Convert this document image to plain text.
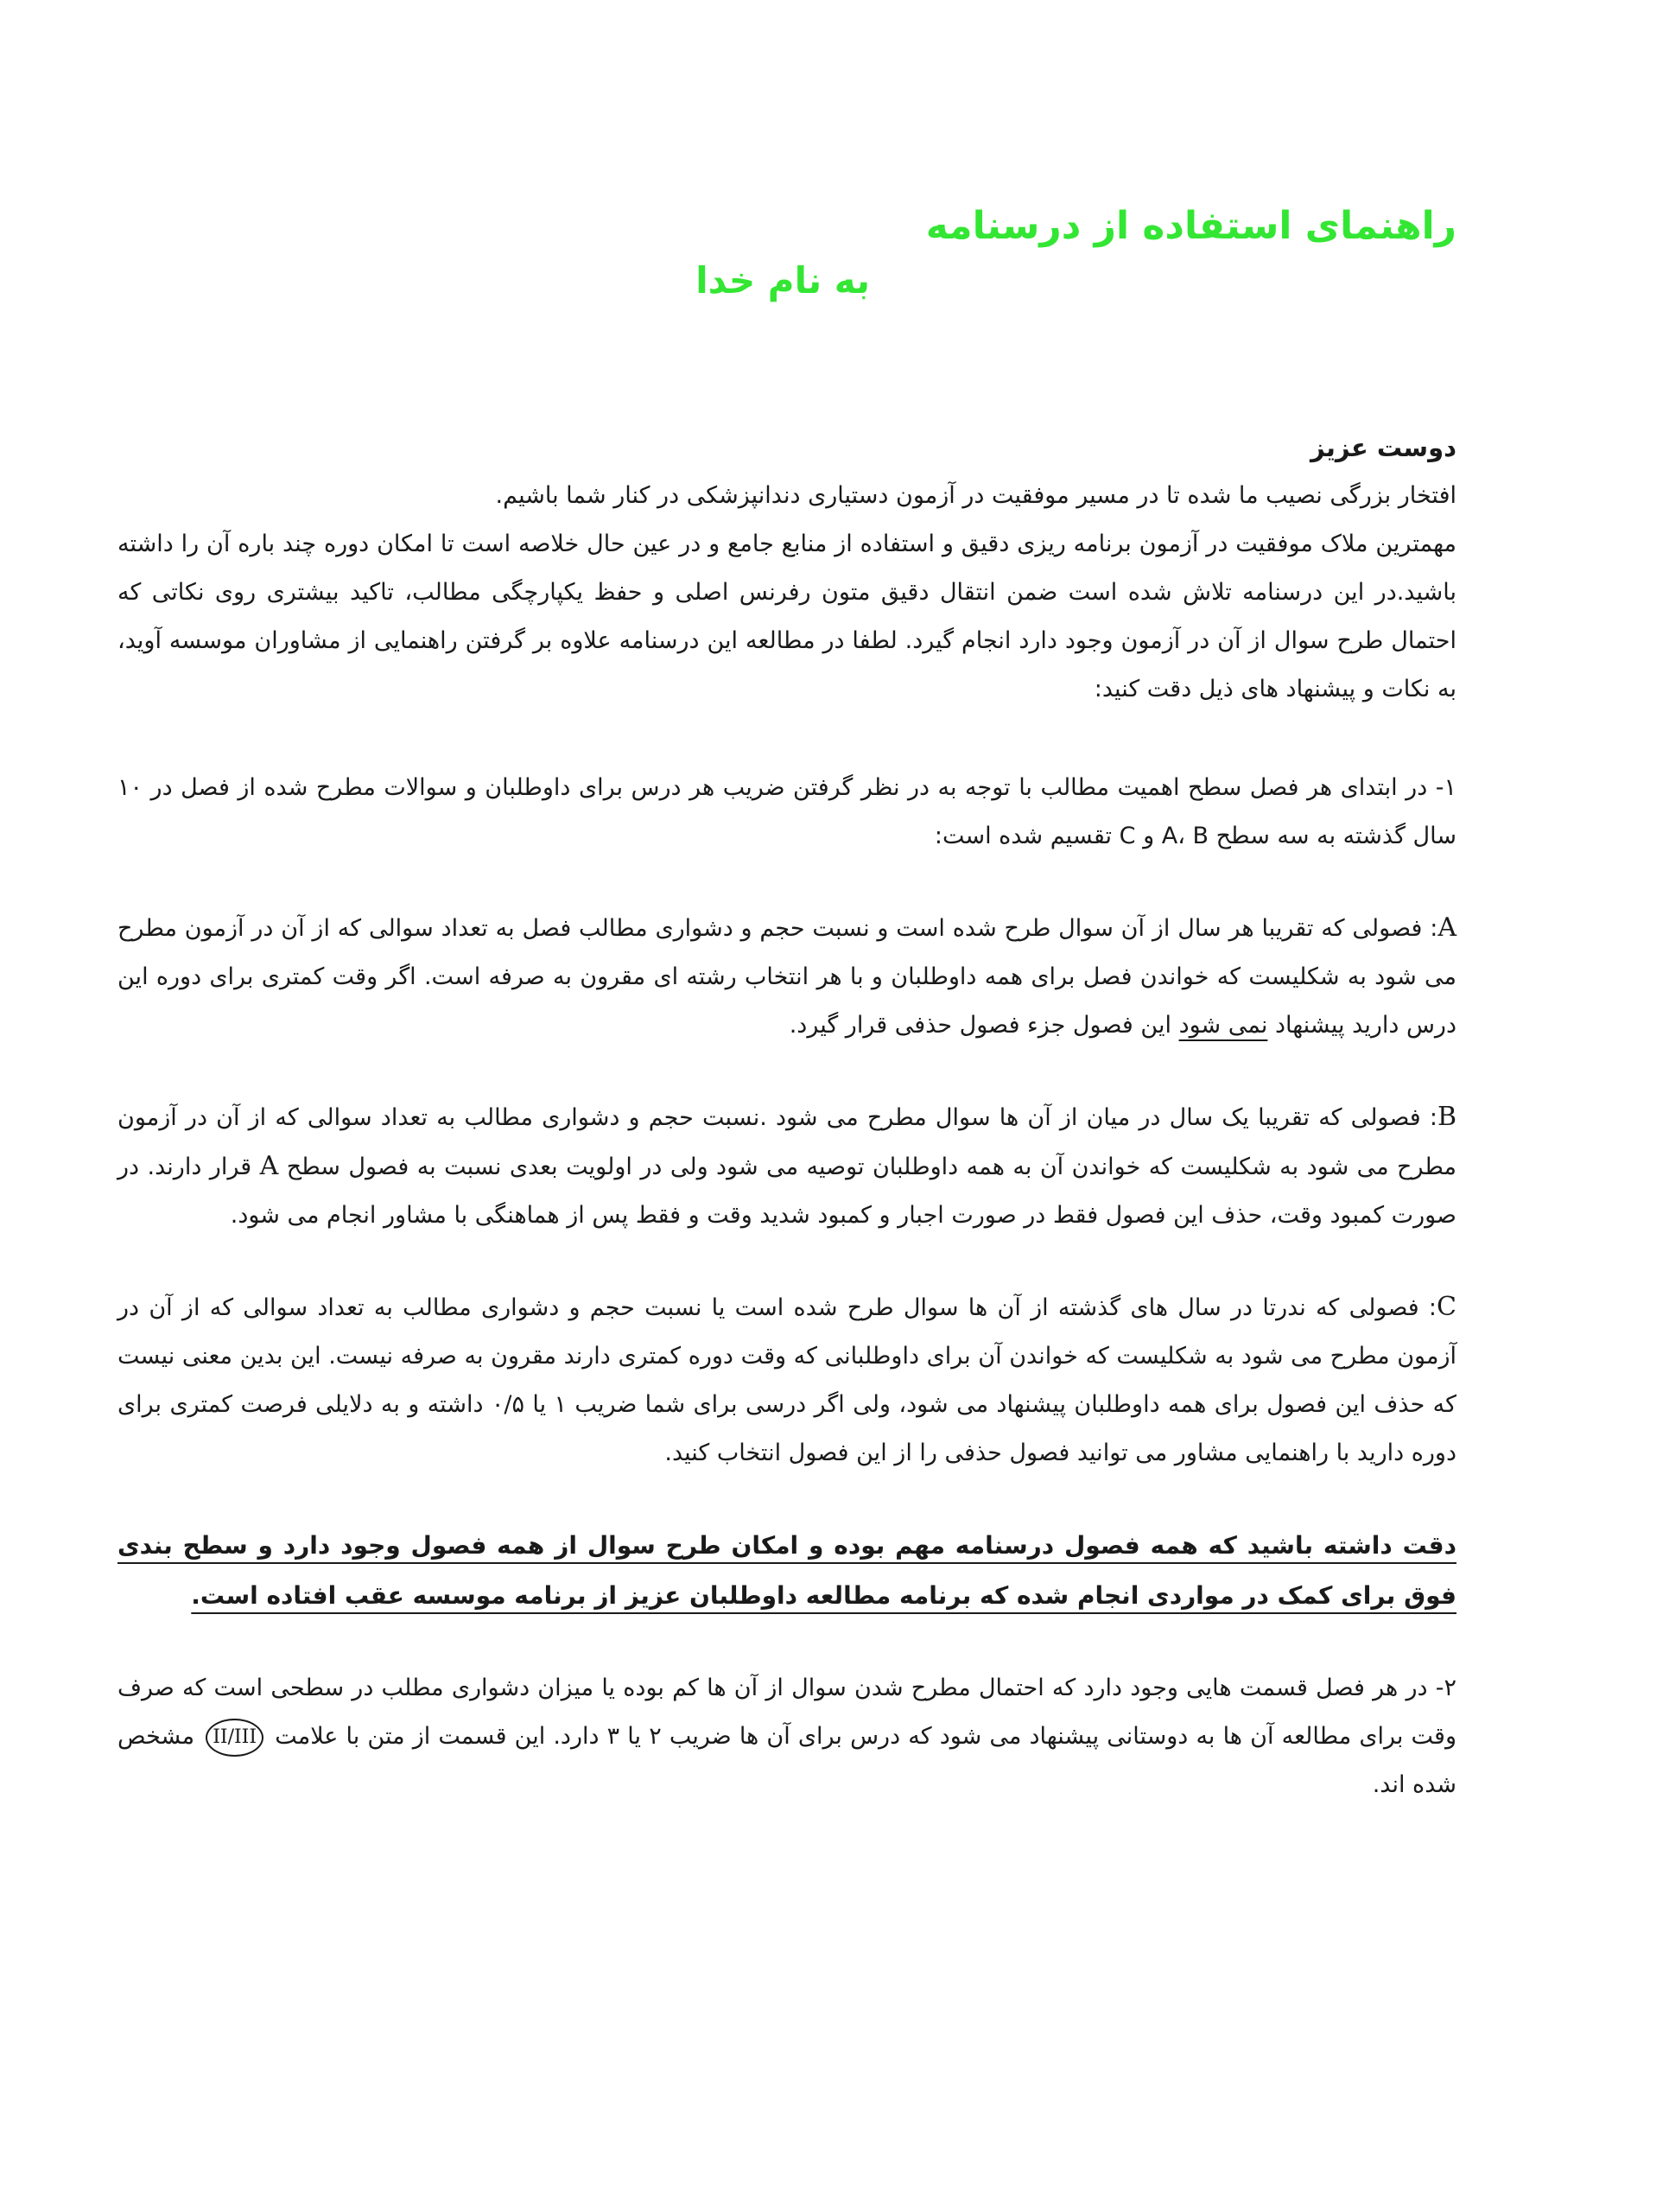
راهنمای استفاده از درسنامه
به نام خدا

دوست عزیز

افتخار بزرگی نصیب ما شده تا در مسیر موفقیت در آزمون دستیاری دندانپزشکی در کنار شما باشیم.

مهمترین ملاک موفقیت در آزمون برنامه ریزی دقیق و استفاده از منابع جامع و در عین حال خلاصه است تا امکان دوره چند باره آن را داشته باشید.در این درسنامه تلاش شده است ضمن انتقال دقیق متون رفرنس اصلی و حفظ یکپارچگی مطالب، تاکید بیشتری روی نکاتی که احتمال طرح سوال از آن در آزمون وجود دارد انجام گیرد. لطفا در مطالعه این درسنامه علاوه بر گرفتن راهنمایی از مشاوران موسسه آوید، به نکات و پیشنهاد های ذیل دقت کنید:

۱- در ابتدای هر فصل سطح اهمیت مطالب با توجه به در نظر گرفتن ضریب هر درس برای داوطلبان و سوالات مطرح شده از فصل در ۱۰ سال گذشته به سه سطح A، B و C تقسیم شده است:

A: فصولی که تقریبا هر سال از آن سوال طرح شده است و نسبت حجم و دشواری مطالب فصل به تعداد سوالی که از آن در آزمون مطرح می شود به شکلیست که خواندن فصل برای همه داوطلبان و با هر انتخاب رشته ای مقرون به صرفه است. اگر وقت کمتری برای دوره این درس دارید پیشنهاد نمی شود این فصول جزء فصول حذفی قرار گیرد.

B: فصولی که تقریبا یک سال در میان از آن ها سوال مطرح می شود .نسبت حجم و دشواری مطالب به تعداد سوالی که از آن در آزمون مطرح می شود به شکلیست که خواندن آن به همه داوطلبان توصیه می شود ولی در اولویت بعدی نسبت به فصول سطح A قرار دارند. در صورت کمبود وقت، حذف این فصول فقط در صورت اجبار و کمبود شدید وقت و فقط پس از هماهنگی با مشاور انجام می شود.

C: فصولی که ندرتا در سال های گذشته از آن ها سوال طرح شده است یا نسبت حجم و دشواری مطالب به تعداد سوالی که از آن در آزمون مطرح می شود به شکلیست که خواندن آن برای داوطلبانی که وقت دوره کمتری دارند مقرون به صرفه نیست. این بدین معنی نیست که حذف این فصول برای همه داوطلبان پیشنهاد می شود، ولی اگر درسی برای شما ضریب ۱ یا ۰/۵ داشته و به دلایلی فرصت کمتری برای دوره دارید با راهنمایی مشاور می توانید فصول حذفی را از این فصول انتخاب کنید.

دقت داشته باشید که همه فصول درسنامه مهم بوده و امکان طرح سوال از همه فصول وجود دارد و سطح بندی فوق برای کمک در مواردی انجام شده که برنامه مطالعه داوطلبان عزیز از برنامه موسسه عقب افتاده است.

۲- در هر فصل قسمت هایی وجود دارد که احتمال مطرح شدن سوال از آن ها کم بوده یا میزان دشواری مطلب در سطحی است که صرف وقت برای مطالعه آن ها به دوستانی پیشنهاد می شود که درس برای آن ها ضریب ۲ یا ۳ دارد. این قسمت از متن با علامت II/III مشخص شده اند.
